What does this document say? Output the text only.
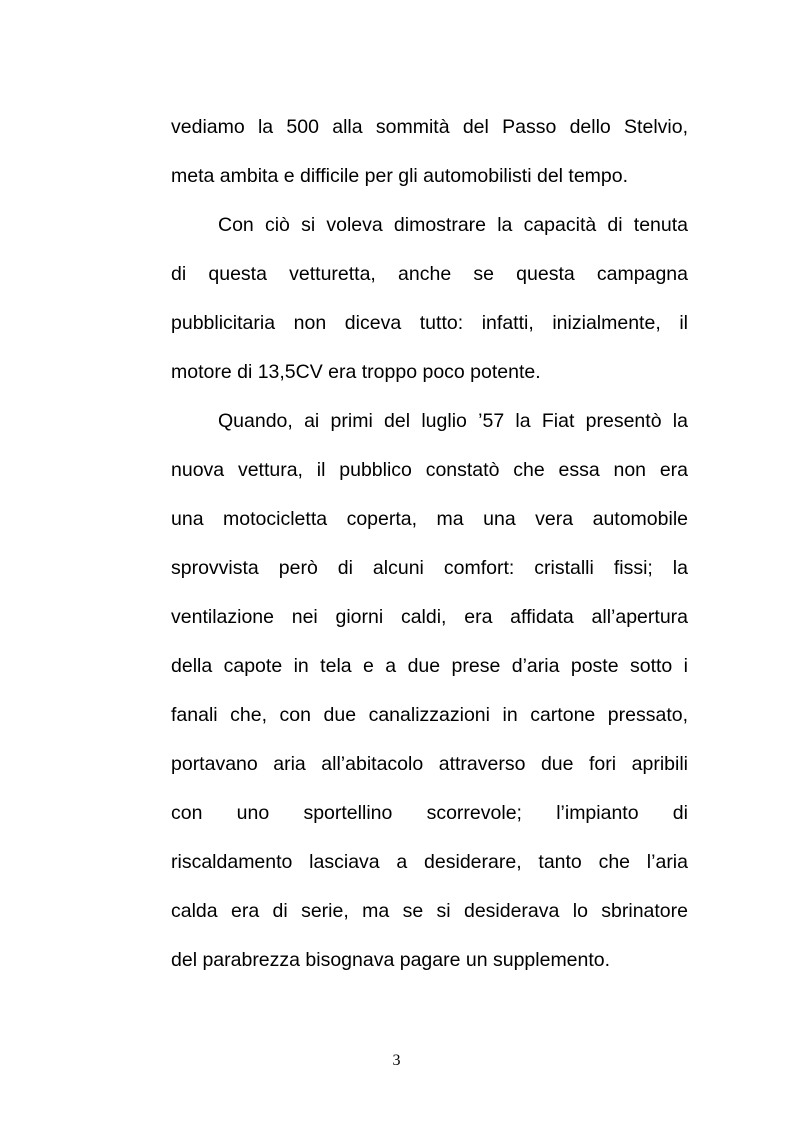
vediamo la 500 alla sommità del Passo dello Stelvio,
meta ambita e difficile per gli automobilisti del tempo.
Con ciò si voleva dimostrare la capacità di tenuta
di questa vetturetta, anche se questa campagna
pubblicitaria non diceva tutto: infatti, inizialmente, il
motore di 13,5CV era troppo poco potente.
Quando, ai primi del luglio ’57 la Fiat presentò la
nuova vettura, il pubblico constatò che essa non era
una motocicletta coperta, ma una vera automobile
sprovvista però di alcuni comfort: cristalli fissi; la
ventilazione nei giorni caldi, era affidata all’apertura
della capote in tela e a due prese d’aria poste sotto i
fanali che, con due canalizzazioni in cartone pressato,
portavano aria all’abitacolo attraverso due fori apribili
con uno sportellino scorrevole; l’impianto di
riscaldamento lasciava a desiderare, tanto che l’aria
calda era di serie, ma se si desiderava lo sbrinatore
del parabrezza bisognava pagare un supplemento.
3
